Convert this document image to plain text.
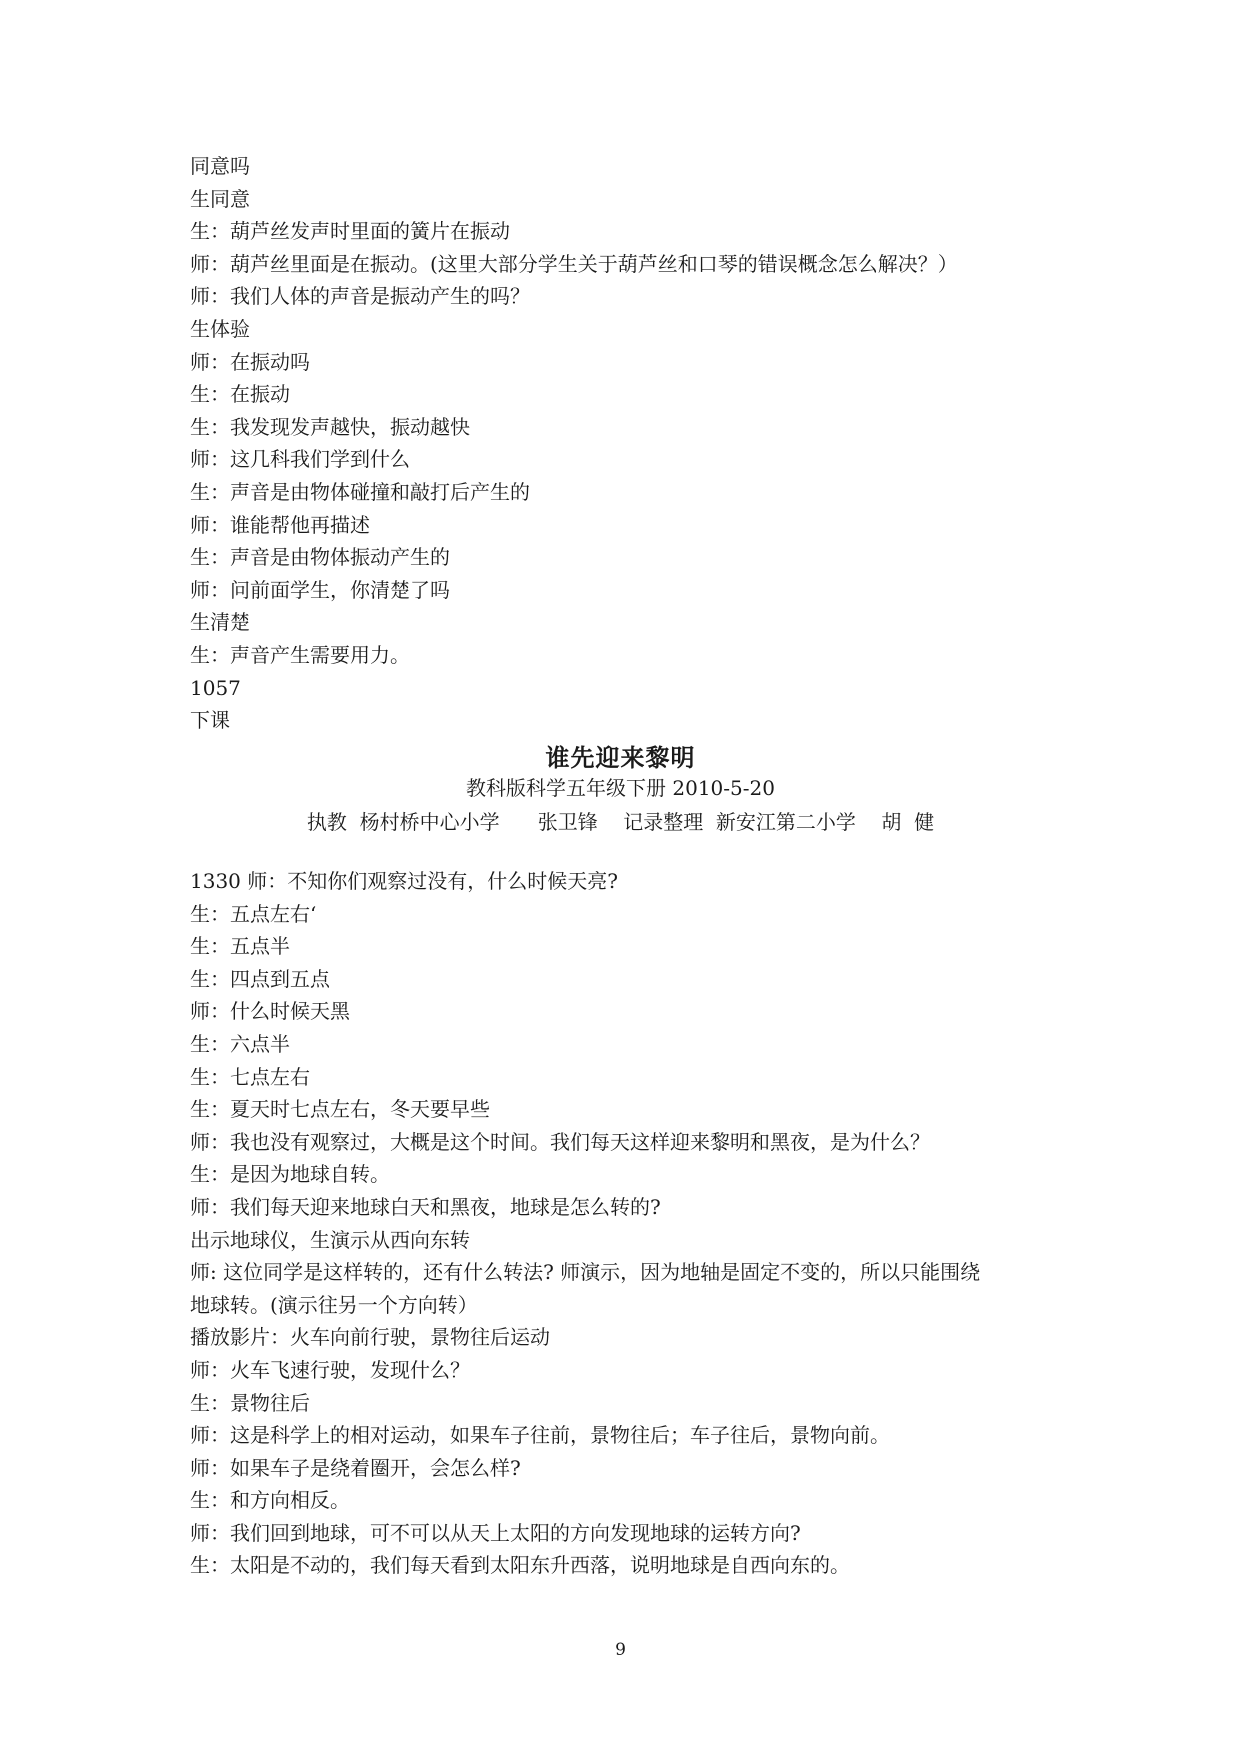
同意吗
生同意
生：葫芦丝发声时里面的簧片在振动
师：葫芦丝里面是在振动。(这里大部分学生关于葫芦丝和口琴的错误概念怎么解决？）
师：我们人体的声音是振动产生的吗？
生体验
师：在振动吗
生：在振动
生：我发现发声越快，振动越快
师：这几科我们学到什么
生：声音是由物体碰撞和敲打后产生的
师：谁能帮他再描述
生：声音是由物体振动产生的
师：问前面学生，你清楚了吗
生清楚
生：声音产生需要用力。
1057
下课
谁先迎来黎明
教科版科学五年级下册 2010-5-20
执教  杨村桥中心小学      张卫锋    记录整理  新安江第二小学    胡  健
1330 师：不知你们观察过没有，什么时候天亮?
生：五点左右‘
生：五点半
生：四点到五点
师：什么时候天黑
生：六点半
生：七点左右
生：夏天时七点左右，冬天要早些
师：我也没有观察过，大概是这个时间。我们每天这样迎来黎明和黑夜，是为什么？
生：是因为地球自转。
师：我们每天迎来地球白天和黑夜，地球是怎么转的?
出示地球仪，生演示从西向东转
师: 这位同学是这样转的，还有什么转法? 师演示，因为地轴是固定不变的，所以只能围绕
地球转。(演示往另一个方向转）
播放影片：火车向前行驶，景物往后运动
师：火车飞速行驶，发现什么？
生：景物往后
师：这是科学上的相对运动，如果车子往前，景物往后；车子往后，景物向前。
师：如果车子是绕着圈开，会怎么样?
生：和方向相反。
师：我们回到地球，可不可以从天上太阳的方向发现地球的运转方向?
生：太阳是不动的，我们每天看到太阳东升西落，说明地球是自西向东的。
9
